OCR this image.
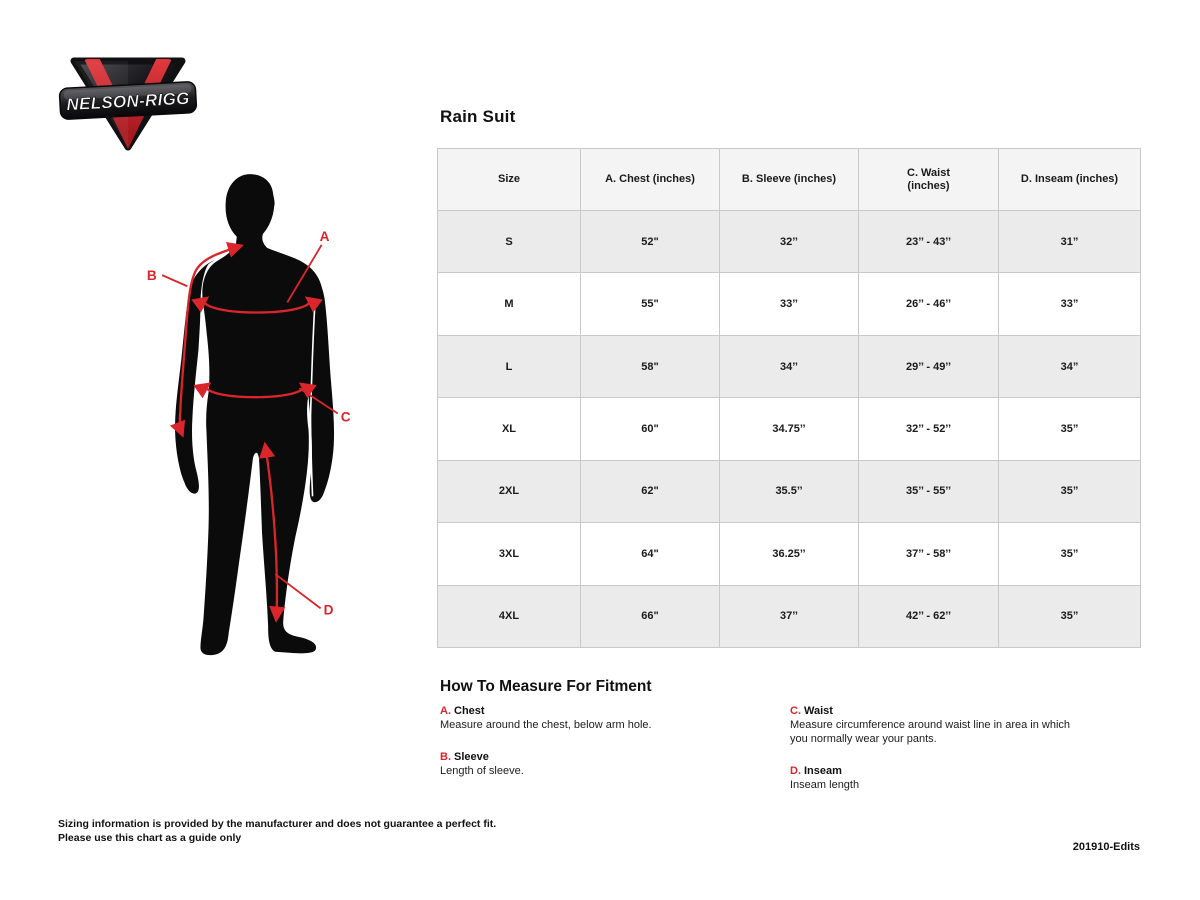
NELSON-RIGG
A
B
C
D
Rain Suit
Size	A. Chest (inches)	B. Sleeve (inches)	C. Waist
(inches)	D. Inseam (inches)

S	52"	32’’	23’’ - 43’’	31”
M	55"	33’’	26’’ - 46’’	33”
L	58"	34’’	29’’ - 49’’	34”
XL	60"	34.75’’	32’’ - 52’’	35”
2XL	62"	35.5’’	35’’ - 55’’	35”
3XL	64"	36.25’’	37’’ - 58’’	35”
4XL	66"	37’’	42’’ - 62’’	35”
How To Measure For Fitment
A. Chest
Measure around the chest, below arm hole.
B. Sleeve
Length of sleeve.
C. Waist
Measure circumference around waist line in area in which you normally wear your pants.
D. Inseam
Inseam length
Sizing information is provided by the manufacturer and does not guarantee a perfect fit.
Please use this chart as a guide only
201910-Edits
